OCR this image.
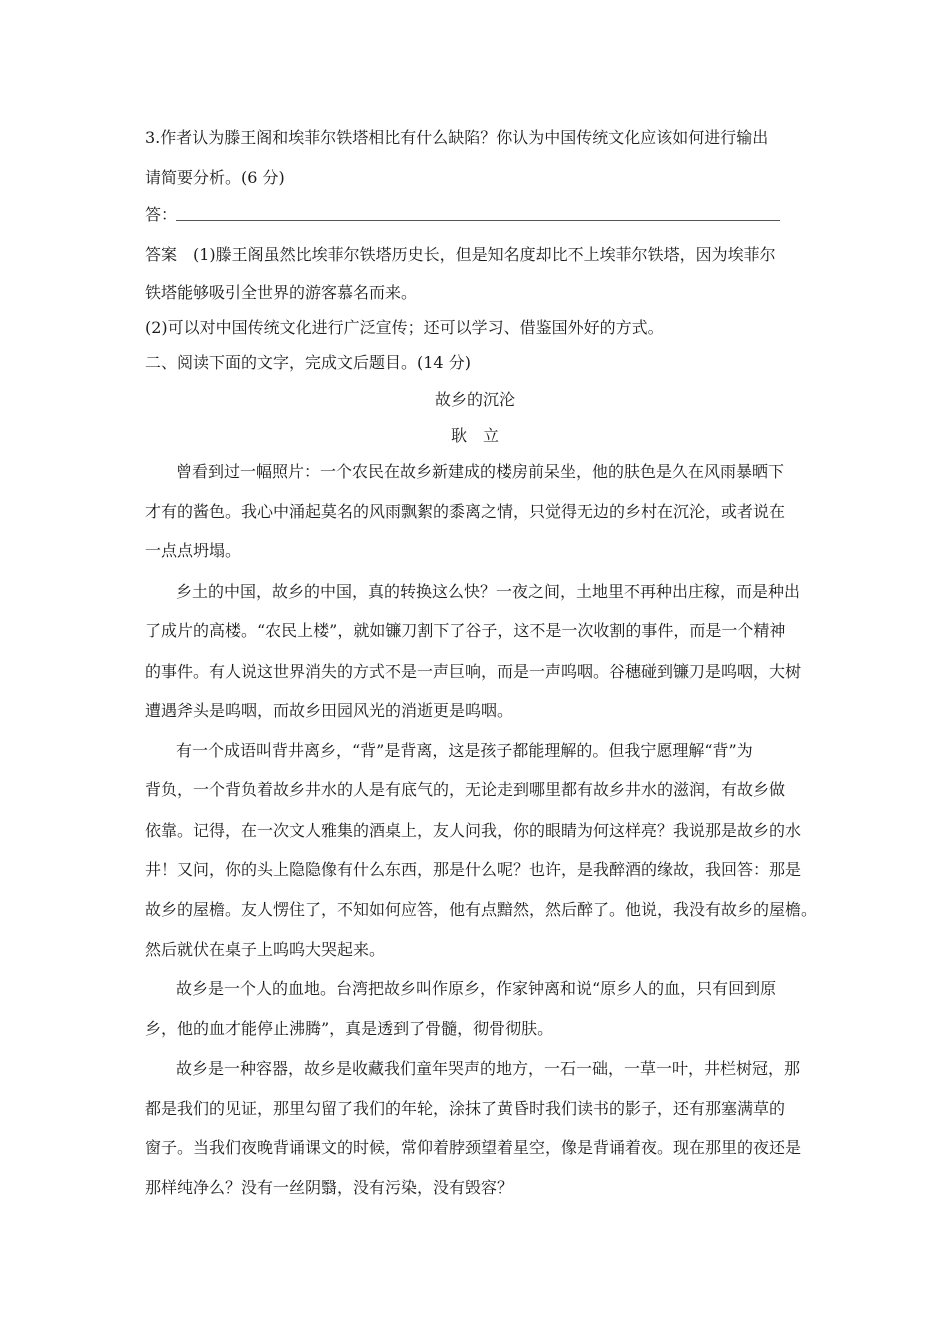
3.作者认为滕王阁和埃菲尔铁塔相比有什么缺陷？你认为中国传统文化应该如何进行输出
请简要分析。(6 分)
答：
答案　(1)滕王阁虽然比埃菲尔铁塔历史长，但是知名度却比不上埃菲尔铁塔，因为埃菲尔
铁塔能够吸引全世界的游客慕名而来。
(2)可以对中国传统文化进行广泛宣传；还可以学习、借鉴国外好的方式。
二、阅读下面的文字，完成文后题目。(14 分)
故乡的沉沦
耿　立
曾看到过一幅照片：一个农民在故乡新建成的楼房前呆坐，他的肤色是久在风雨暴晒下
才有的酱色。我心中涌起莫名的风雨飘絮的黍离之情，只觉得无边的乡村在沉沦，或者说在
一点点坍塌。
乡土的中国，故乡的中国，真的转换这么快？一夜之间，土地里不再种出庄稼，而是种出
了成片的高楼。“农民上楼”，就如镰刀割下了谷子，这不是一次收割的事件，而是一个精神
的事件。有人说这世界消失的方式不是一声巨响，而是一声呜咽。谷穗碰到镰刀是呜咽，大树
遭遇斧头是呜咽，而故乡田园风光的消逝更是呜咽。
有一个成语叫背井离乡，“背”是背离，这是孩子都能理解的。但我宁愿理解“背”为
背负，一个背负着故乡井水的人是有底气的，无论走到哪里都有故乡井水的滋润，有故乡做
依靠。记得，在一次文人雅集的酒桌上，友人问我，你的眼睛为何这样亮？我说那是故乡的水
井！又问，你的头上隐隐像有什么东西，那是什么呢？也许，是我醉酒的缘故，我回答：那是
故乡的屋檐。友人愣住了，不知如何应答，他有点黯然，然后醉了。他说，我没有故乡的屋檐。
然后就伏在桌子上呜呜大哭起来。
故乡是一个人的血地。台湾把故乡叫作原乡，作家钟离和说“原乡人的血，只有回到原
乡，他的血才能停止沸腾”，真是透到了骨髓，彻骨彻肤。
故乡是一种容器，故乡是收藏我们童年哭声的地方，一石一础，一草一叶，井栏树冠，那
都是我们的见证，那里勾留了我们的年轮，涂抹了黄昏时我们读书的影子，还有那塞满草的
窗子。当我们夜晚背诵课文的时候，常仰着脖颈望着星空，像是背诵着夜。现在那里的夜还是
那样纯净么？没有一丝阴翳，没有污染，没有毁容？
